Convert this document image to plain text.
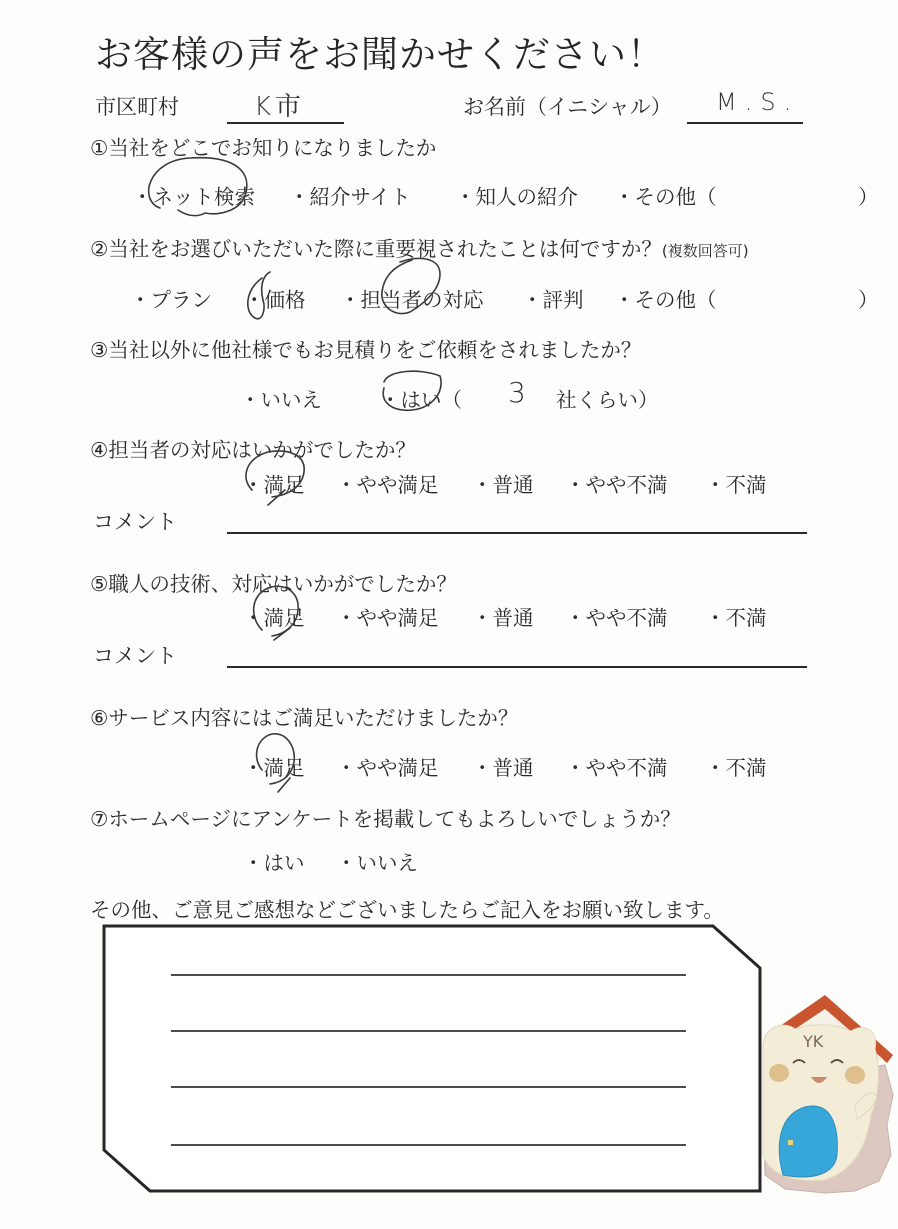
お客様の声をお聞かせください！
市区町村	K市	お名前（イニシャル） M.S.
①当社をどこでお知りになりましたか
・ネット検索 ・紹介サイト ・知人の紹介 ・その他（	）
②当社をお選びいただいた際に重要視されたことは何ですか？(複数回答可)
・プラン ・価格 ・担当者の対応 ・評判 ・その他（	）
③当社以外に他社様でもお見積りをご依頼をされましたか？
・いいえ	・はい（ 3 社くらい）
④担当者の対応はいかがでしたか？
・満足 ・やや満足 ・普通 ・やや不満 ・不満
コメント
⑤職人の技術、対応はいかがでしたか？
・満足 ・やや満足 ・普通 ・やや不満 ・不満
コメント
⑥サービス内容にはご満足いただけましたか？
・満足 ・やや満足 ・普通 ・やや不満 ・不満
⑦ホームページにアンケートを掲載してもよろしいでしょうか？
・はい ・いいえ
その他、ご意見ご感想などございましたらご記入をお願い致します。
YK
